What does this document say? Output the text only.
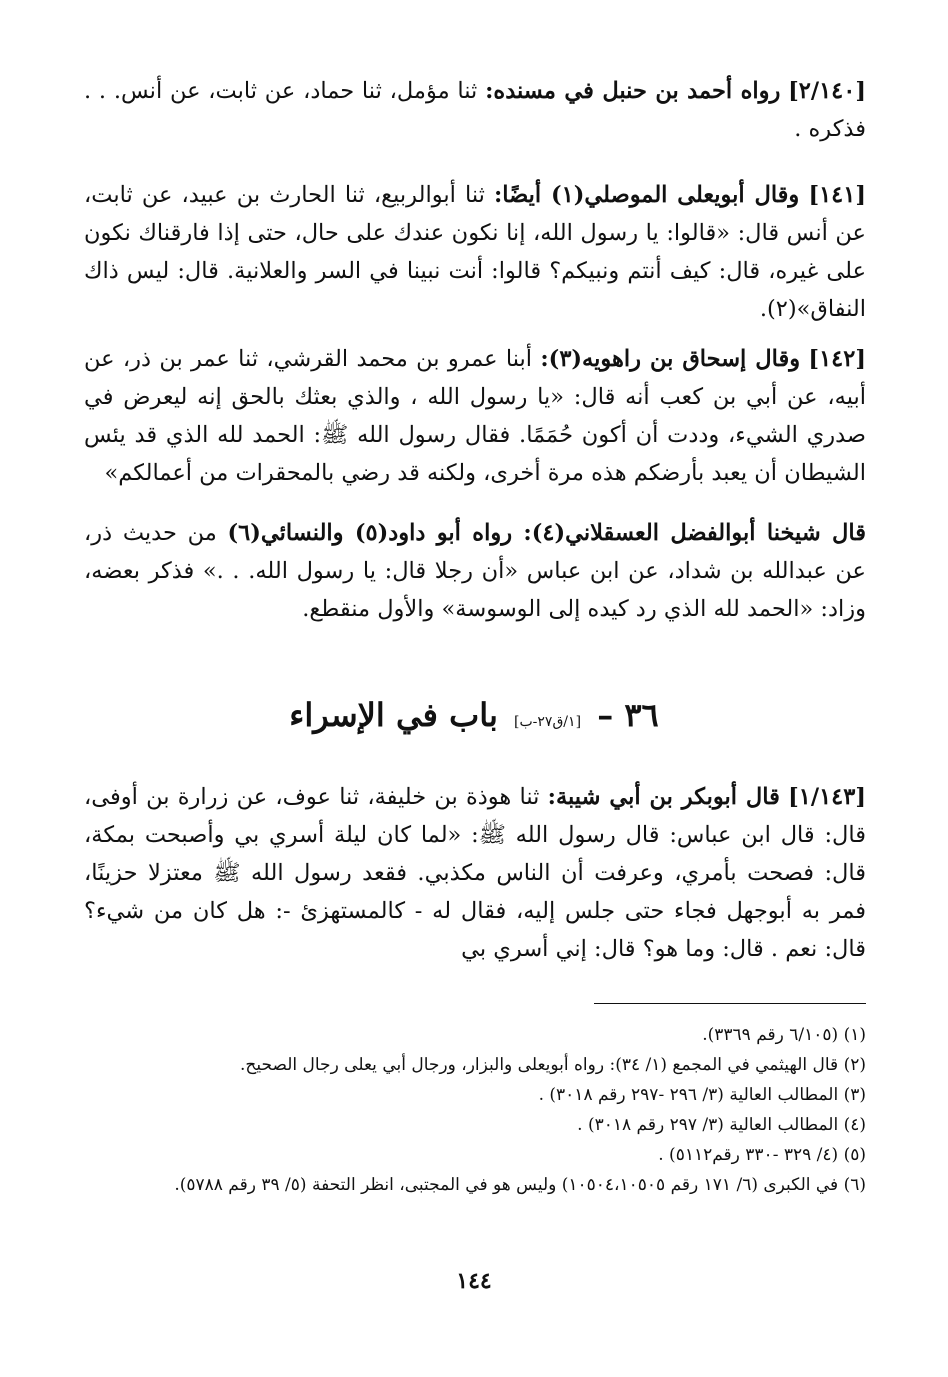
[٢/١٤٠] رواه أحمد بن حنبل في مسنده: ثنا مؤمل، ثنا حماد، عن ثابت، عن أنس. . . فذكره .

[١٤١] وقال أبويعلى الموصلي(١) أيضًا: ثنا أبوالربيع، ثنا الحارث بن عبيد، عن ثابت، عن أنس قال: «قالوا: يا رسول الله، إنا نكون عندك على حال، حتى إذا فارقناك نكون على غيره، قال: كيف أنتم ونبيكم؟ قالوا: أنت نبينا في السر والعلانية. قال: ليس ذاك النفاق»(٢).

[١٤٢] وقال إسحاق بن راهويه(٣): أبنا عمرو بن محمد القرشي، ثنا عمر بن ذر، عن أبيه، عن أبي بن كعب أنه قال: «يا رسول الله ، والذي بعثك بالحق إنه ليعرض في صدري الشيء، وددت أن أكون حُمَمًا. فقال رسول الله ﷺ: الحمد لله الذي قد يئس الشيطان أن يعبد بأرضكم هذه مرة أخرى، ولكنه قد رضي بالمحقرات من أعمالكم»

قال شيخنا أبوالفضل العسقلاني(٤): رواه أبو داود(٥) والنسائي(٦) من حديث ذر، عن عبدالله بن شداد، عن ابن عباس «أن رجلا قال: يا رسول الله. . .» فذكر بعضه، وزاد: «الحمد لله الذي رد كيده إلى الوسوسة» والأول منقطع.

٣٦ – [١/ق٢٧-ب] باب في الإسراء

[١/١٤٣] قال أبوبكر بن أبي شيبة: ثنا هوذة بن خليفة، ثنا عوف، عن زرارة بن أوفى، قال: قال ابن عباس: قال رسول الله ﷺ: «لما كان ليلة أسري بي وأصبحت بمكة، قال: فصحت بأمري، وعرفت أن الناس مكذبي. فقعد رسول الله ﷺ معتزلا حزينًا، فمر به أبوجهل فجاء حتى جلس إليه، فقال له - كالمستهزئ -: هل كان من شيء؟ قال: نعم . قال: وما هو؟ قال: إني أسري بي

(١) (٦/١٠٥ رقم ٣٣٦٩).
(٢) قال الهيثمي في المجمع (١/ ٣٤): رواه أبويعلى والبزار، ورجال أبي يعلى رجال الصحيح.
(٣) المطالب العالية (٣/ ٢٩٦ -٢٩٧ رقم ٣٠١٨) .
(٤) المطالب العالية (٣/ ٢٩٧ رقم ٣٠١٨) .
(٥) (٤/ ٣٢٩ -٣٣٠ رقم٥١١٢) .
(٦) في الكبرى (٦/ ١٧١ رقم ١٠٥٠٤،١٠٥٠٥) وليس هو في المجتبى، انظر التحفة (٥/ ٣٩ رقم ٥٧٨٨).
١٤٤
